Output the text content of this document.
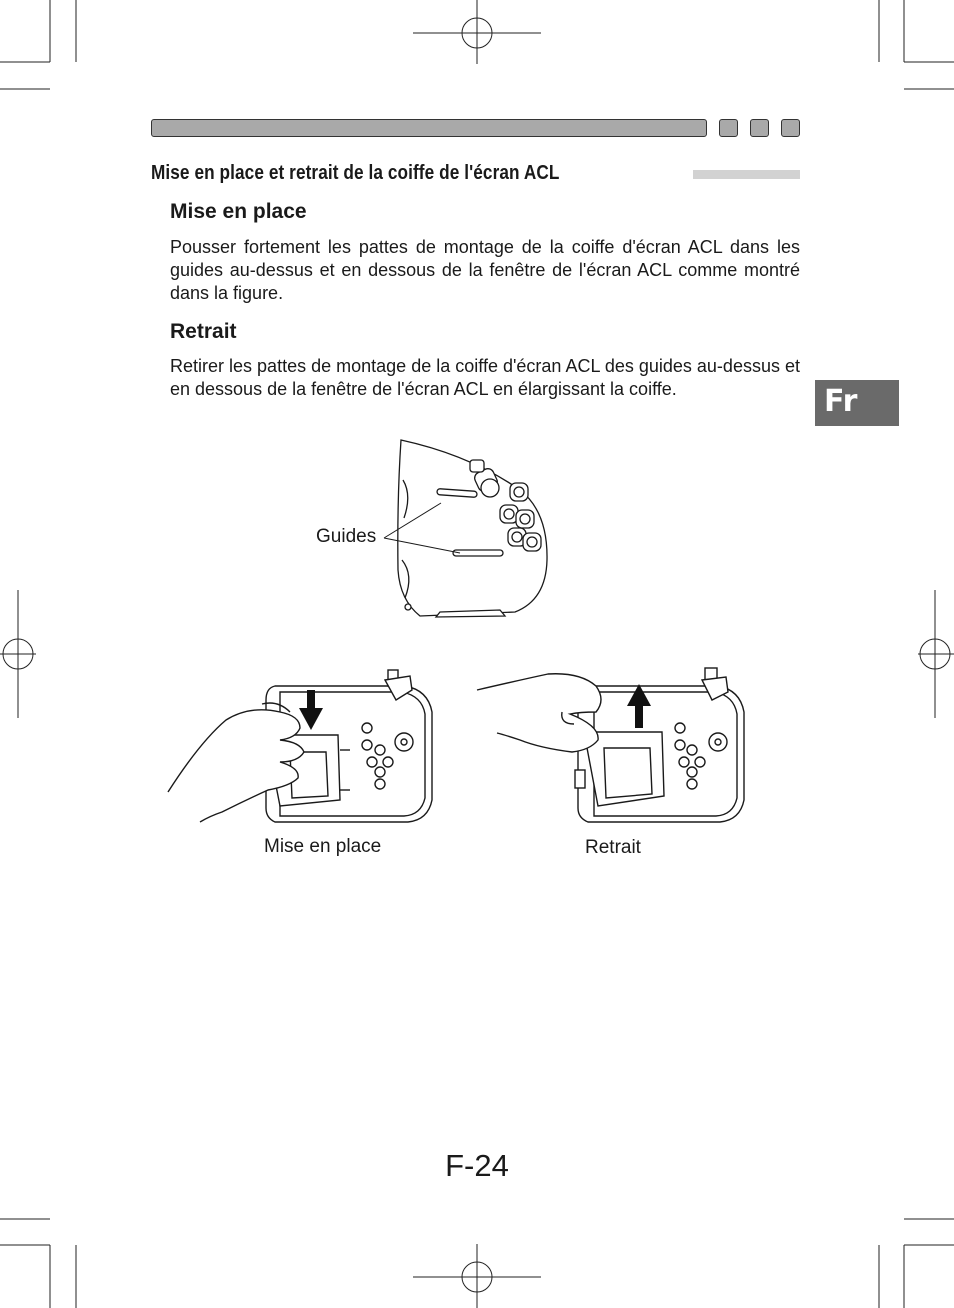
Mise en place et retrait de la coiffe de l'écran ACL
Mise en place

Pousser fortement les pattes de montage de la coiffe d'écran ACL dans les guides au-dessus et en dessous de la fenêtre de l'écran ACL comme montré dans la figure.

Retrait

Retirer les pattes de montage de la coiffe d'écran ACL des guides au-dessus et en dessous de la fenêtre de l'écran ACL en élargissant la coiffe.	Fr
Guides
Mise en place	Retrait
F-24
